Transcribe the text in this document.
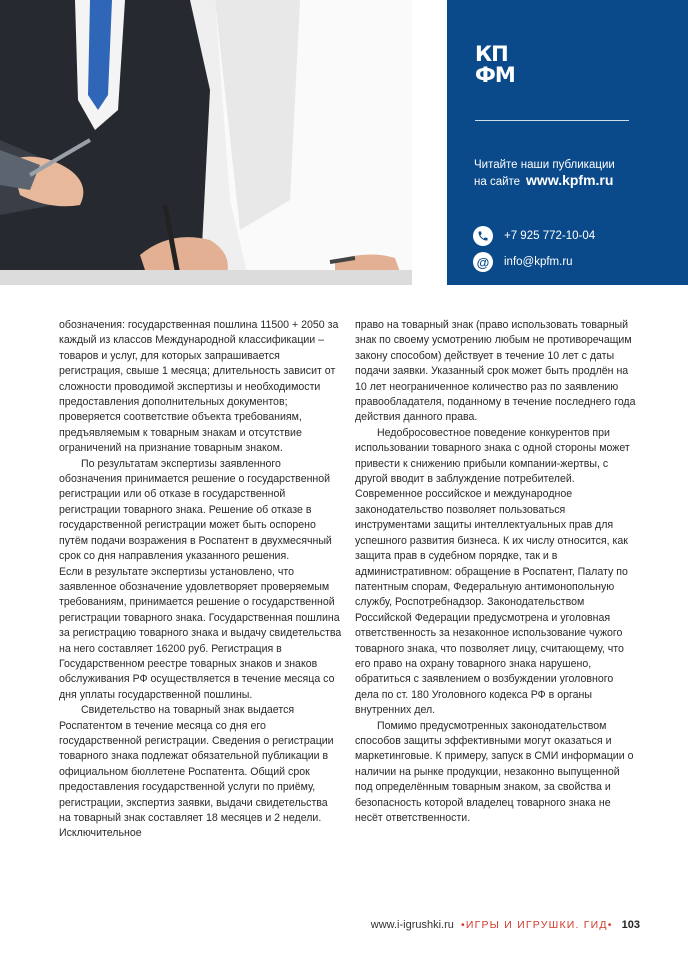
КП
ФМ
Читайте наши публикации
на сайте www.kpfm.ru
+7 925 772-10-04
@	info@kpfm.ru

обозначения: государственная пошлина 11500 + 2050 за каждый из классов Международной классификации – товаров и услуг, для которых запрашивается регистрация, свыше 1 месяца; длительность зависит от сложности проводимой экспертизы и необходимости предоставления дополнительных документов; проверяется соответствие объекта требованиям, предъявляемым к товарным знакам и отсутствие ограничений на признание товарным знаком.

По результатам экспертизы заявленного обозначения принимается решение о государственной регистрации или об отказе в государственной регистрации товарного знака. Решение об отказе в государственной регистрации может быть оспорено путём подачи возражения в Роспатент в двухмесячный срок со дня направления указанного решения.

Если в результате экспертизы установлено, что заявленное обозначение удовлетворяет проверяемым требованиям, принимается решение о государственной регистрации товарного знака. Государственная пошлина за регистрацию товарного знака и выдачу свидетельства на него составляет 16200 руб. Регистрация в Государственном реестре товарных знаков и знаков обслуживания РФ осуществляется в течение месяца со дня уплаты государственной пошлины.

Свидетельство на товарный знак выдается Роспатентом в течение месяца со дня его государственной регистрации. Сведения о регистрации товарного знака подлежат обязательной публикации в официальном бюллетене Роспатента. Общий срок предоставления государственной услуги по приёму, регистрации, экспертиз заявки, выдачи свидетельства на товарный знак составляет 18 месяцев и 2 недели. Исключительное

право на товарный знак (право использовать товарный знак по своему усмотрению любым не противоречащим закону способом) действует в течение 10 лет с даты подачи заявки. Указанный срок может быть продлён на 10 лет неограниченное количество раз по заявлению правообладателя, поданному в течение последнего года действия данного права.

Недобросовестное поведение конкурентов при использовании товарного знака с одной стороны может привести к снижению прибыли компании-жертвы, с другой вводит в заблуждение потребителей. Современное российское и международное законодательство позволяет пользоваться инструментами защиты интеллектуальных прав для успешного развития бизнеса. К их числу относится, как защита прав в судебном порядке, так и в административном: обращение в Роспатент, Палату по патентным спорам, Федеральную антимонопольную службу, Роспотребнадзор. Законодательством Российской Федерации предусмотрена и уголовная ответственность за незаконное использование чужого товарного знака, что позволяет лицу, считающему, что его право на охрану товарного знака нарушено, обратиться с заявлением о возбуждении уголовного дела по ст. 180 Уголовного кодекса РФ в органы внутренних дел.

Помимо предусмотренных законодательством способов защиты эффективными могут оказаться и маркетинговые. К примеру, запуск в СМИ информации о наличии на рынке продукции, незаконно выпущенной под определённым товарным знаком, за свойства и безопасность которой владелец товарного знака не несёт ответственности.

www.i-igrushki.ru •ИГРЫ И ИГРУШКИ. ГИД• 103
